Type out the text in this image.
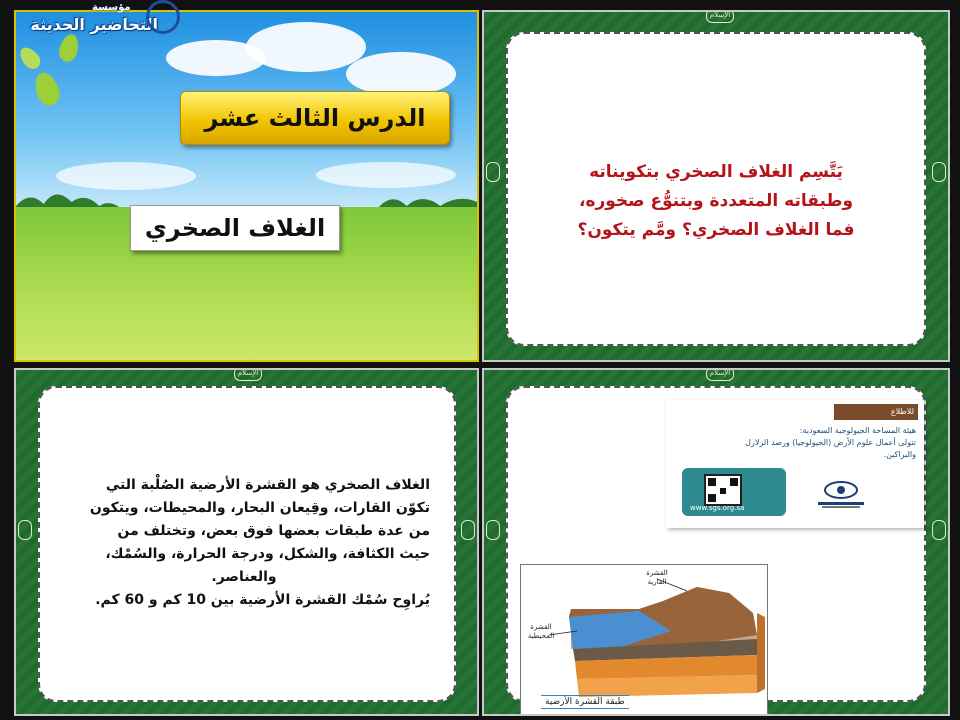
مؤسسة
التحاضير الحديثة
الدرس الثالث عشر
الغلاف الصخري
الإسلام
يَتَّسِم الغلاف الصخري بتكويناته
وطبقاته المتعددة وبتنوُّع صخوره،
فما الغلاف الصخري؟ ومَّم يتكون؟
الإسلام
الغلاف الصخري هو القشرة الأرضية الصُلْبة التي
تكوّن القارات، وقِيعان البحار، والمحيطات، ويتكون
من عدة طبقات بعضها فوق بعض، وتختلف من
حيث الكثافة، والشكل، ودرجة الحرارة، والسُمْك،
والعناصر.
يُراوِح سُمْك القشرة الأرضية بين 10 كم و 60 كم.
الإسلام
للاطلاع
هيئة المساحة الجيولوجية السعودية:
تتولى أعمال علوم الأرض (الجيولوجيا) ورصد الزلازل
والبراكين.
www.sgs.org.sa
القشرة القارية
القشرة المحيطية
طبقة القشرة الأرضية
